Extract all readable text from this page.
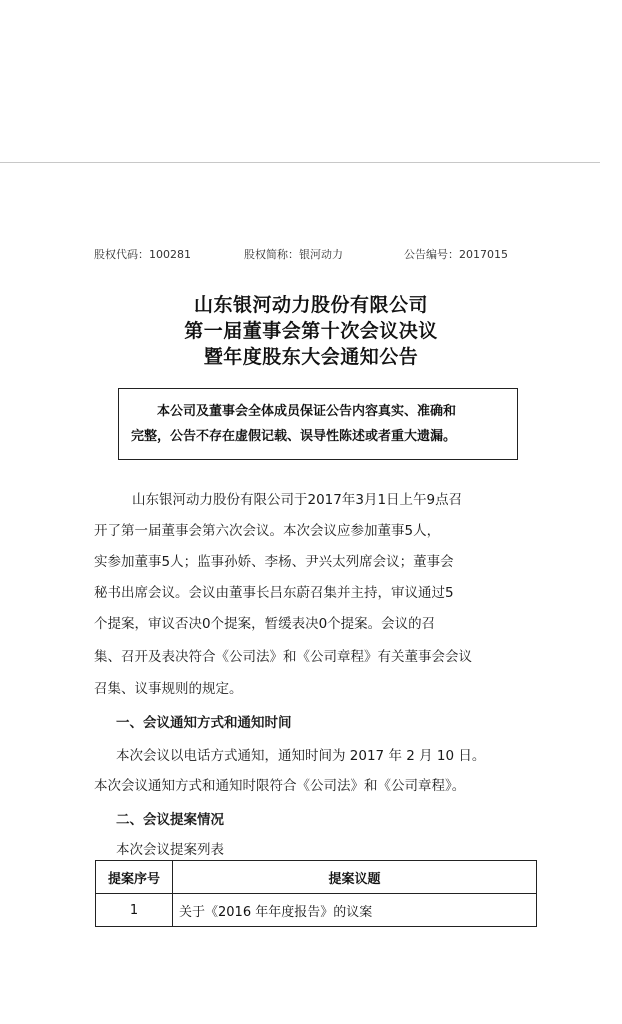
股权代码：100281	股权简称：银河动力	公告编号：2017015
山东银河动力股份有限公司
第一届董事会第十次会议决议
暨年度股东大会通知公告
本公司及董事会全体成员保证公告内容真实、准确和
完整，公告不存在虚假记载、误导性陈述或者重大遗漏。
山东银河动力股份有限公司于2017年3月1日上午9点召
开了第一届董事会第六次会议。本次会议应参加董事5人，
实参加董事5人；监事孙娇、李杨、尹兴太列席会议；董事会
秘书出席会议。会议由董事长吕东蔚召集并主持，审议通过5
个提案，审议否决0个提案，暂缓表决0个提案。会议的召
集、召开及表决符合《公司法》和《公司章程》有关董事会会议
召集、议事规则的规定。
一、会议通知方式和通知时间
本次会议以电话方式通知，通知时间为 2017 年 2 月 10 日。
本次会议通知方式和通知时限符合《公司法》和《公司章程》。
二、会议提案情况
本次会议提案列表
提案序号	提案议题
1	关于《2016 年年度报告》的议案
